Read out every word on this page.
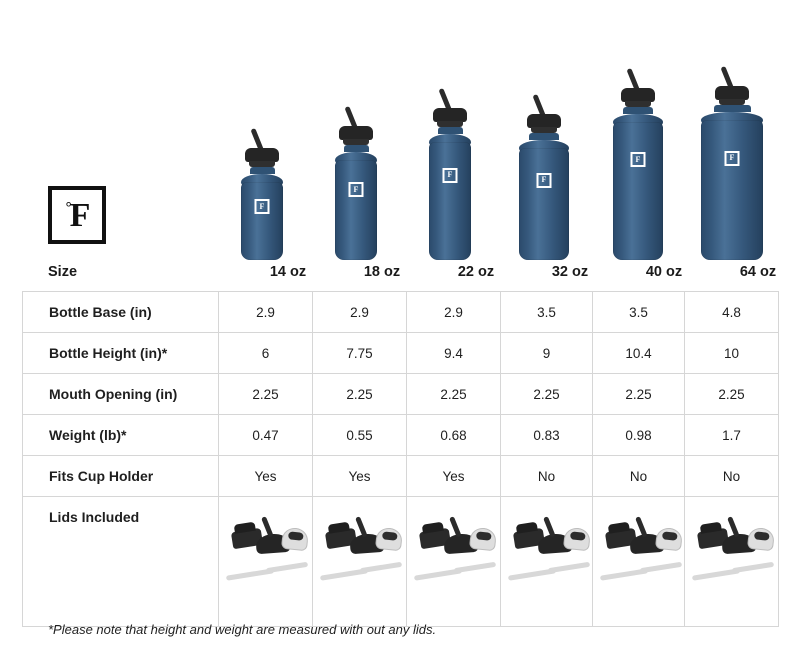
°F	F
F
F
F
F	F
Size	14 oz	18 oz	22 oz	32 oz	40 oz	64 oz
Bottle Base (in)	2.9	2.9	2.9	3.5	3.5	4.8
Bottle Height (in)*	6	7.75	9.4	9	10.4	10
Mouth Opening (in)	2.25	2.25	2.25	2.25	2.25	2.25
Weight (lb)*	0.47	0.55	0.68	0.83	0.98	1.7
Fits Cup Holder	Yes	Yes	Yes	No	No	No
Lids Included	

*Please note that height and weight are measured with out any lids.
